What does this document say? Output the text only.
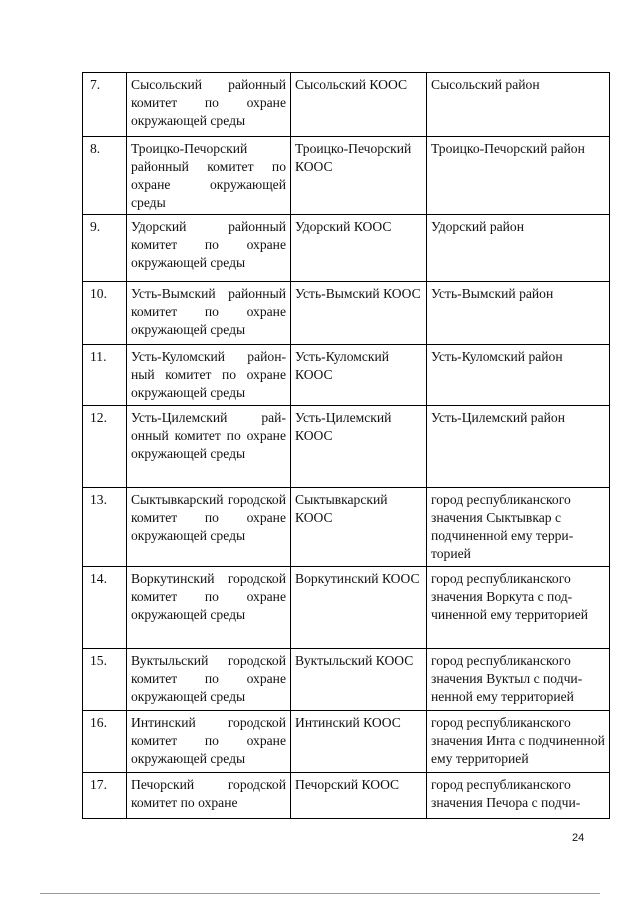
7.	Сысольский районный комитет по охране окружающей среды	Сысольский КООС	Сысольский район
8.	Троицко-Печорский районный комитет по охране окружающей среды	Троицко-Печорский КООС	Троицко-Печорский район
9.	Удорский районный комитет по охране окружающей среды	Удорский КООС	Удорский район
10.	Усть-Вымский районный комитет по охране окружающей среды	Усть-Вымский КООС	Усть-Вымский район
11.	Усть-Куломский районный комитет по охране окружающей среды	Усть-Куломский КООС	Усть-Куломский район
12.	Усть-Цилемский районный комитет по охране окружающей среды	Усть-Цилемский КООС	Усть-Цилемский район
13.	Сыктывкарский городской комитет по охране окружающей среды	Сыктывкарский КООС	город республиканского значения Сыктывкар с подчиненной ему территорией
14.	Воркутинский городской комитет по охране окружающей среды	Воркутинский КООС	город республиканского значения Воркута с подчиненной ему территорией
15.	Вуктыльский городской комитет по охране окружающей среды	Вуктыльский КООС	город республиканского значения Вуктыл с подчиненной ему территорией
16.	Интинский городской комитет по охране окружающей среды	Интинский КООС	город республиканского значения Инта с подчиненной ему территорией
17.	Печорский городской комитет по охране	Печорский КООС	город республиканского значения Печора с подчи-
24
